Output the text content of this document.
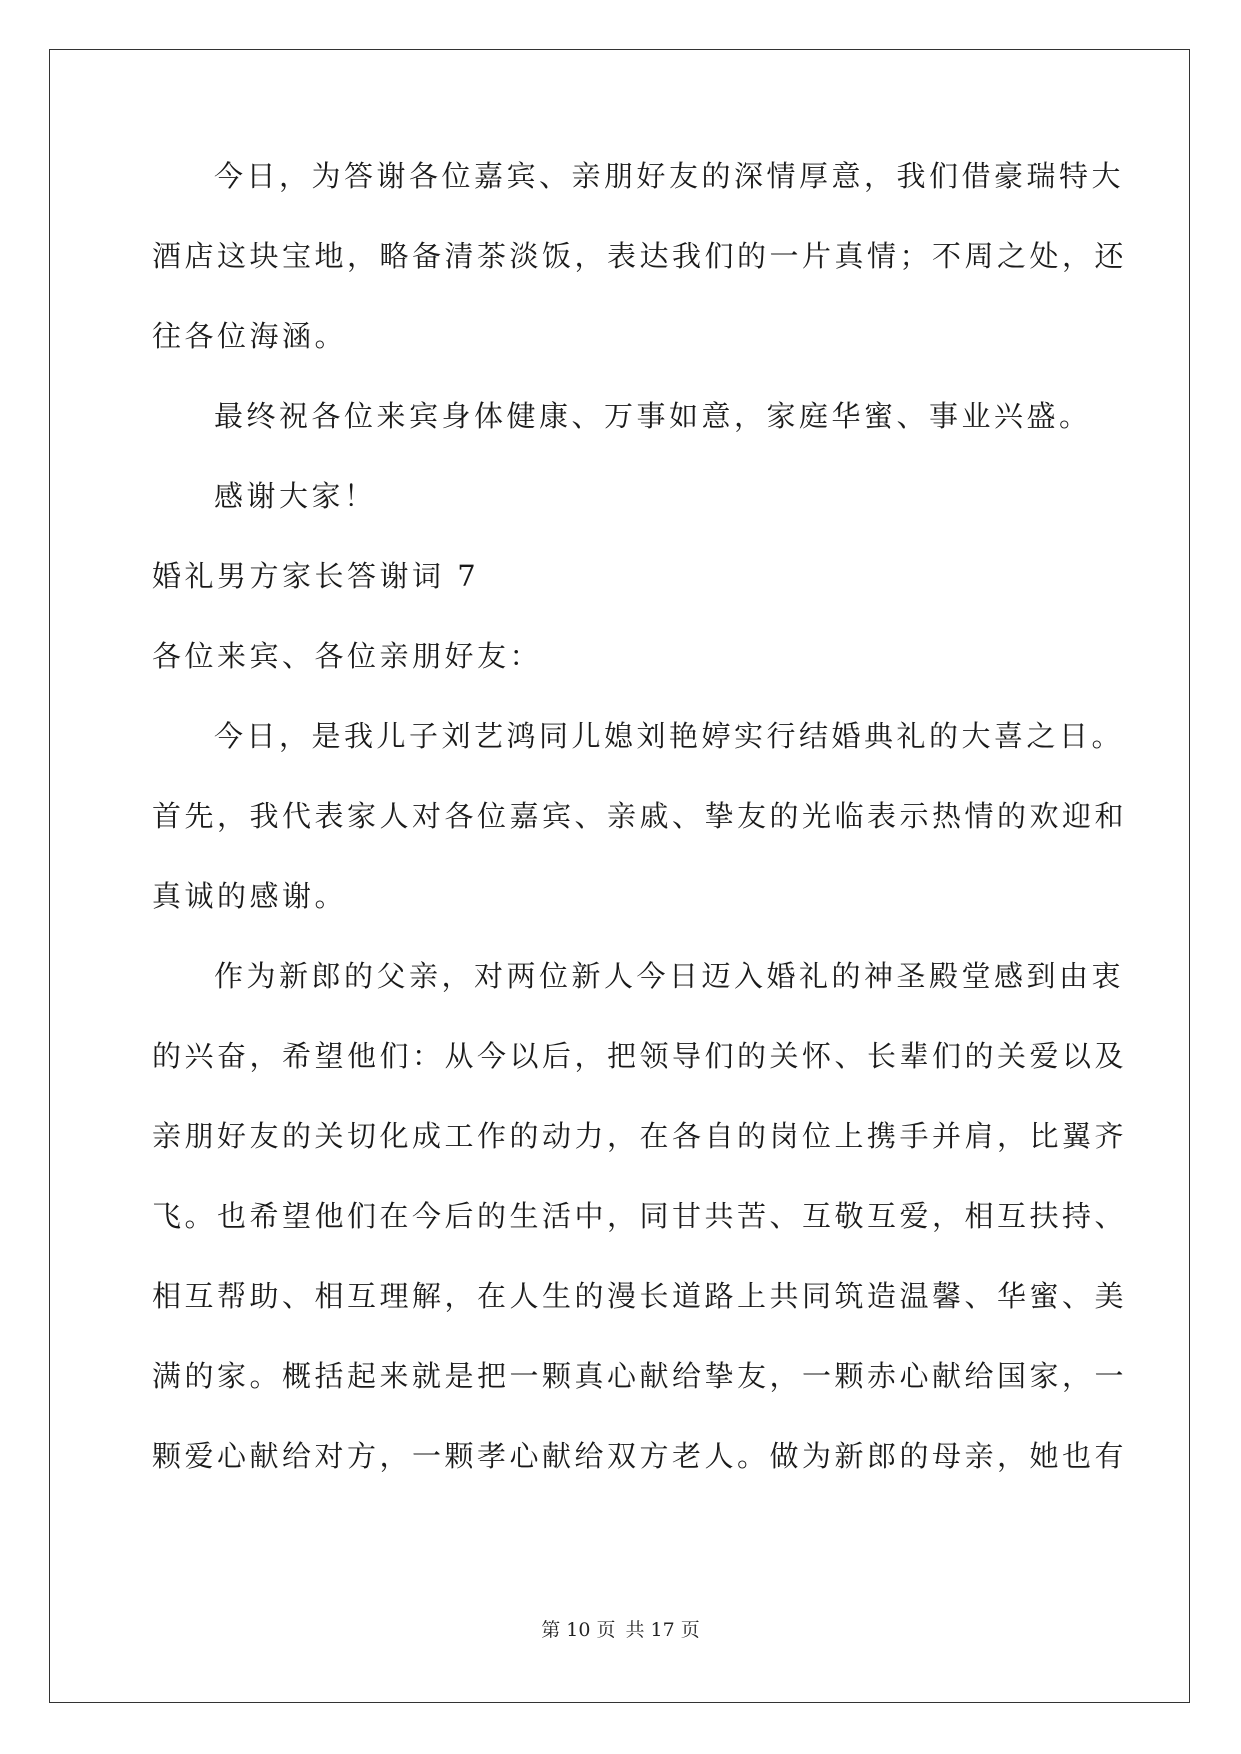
今日，为答谢各位嘉宾、亲朋好友的深情厚意，我们借豪瑞特大
酒店这块宝地，略备清茶淡饭，表达我们的一片真情；不周之处，还
往各位海涵。
最终祝各位来宾身体健康、万事如意，家庭华蜜、事业兴盛。
感谢大家！
婚礼男方家长答谢词 7
各位来宾、各位亲朋好友：
今日，是我儿子刘艺鸿同儿媳刘艳婷实行结婚典礼的大喜之日。
首先，我代表家人对各位嘉宾、亲戚、挚友的光临表示热情的欢迎和
真诚的感谢。
作为新郎的父亲，对两位新人今日迈入婚礼的神圣殿堂感到由衷
的兴奋，希望他们：从今以后，把领导们的关怀、长辈们的关爱以及
亲朋好友的关切化成工作的动力，在各自的岗位上携手并肩，比翼齐
飞。也希望他们在今后的生活中，同甘共苦、互敬互爱，相互扶持、
相互帮助、相互理解，在人生的漫长道路上共同筑造温馨、华蜜、美
满的家。概括起来就是把一颗真心献给挚友，一颗赤心献给国家，一
颗爱心献给对方，一颗孝心献给双方老人。做为新郎的母亲，她也有
第 10 页 共 17 页
